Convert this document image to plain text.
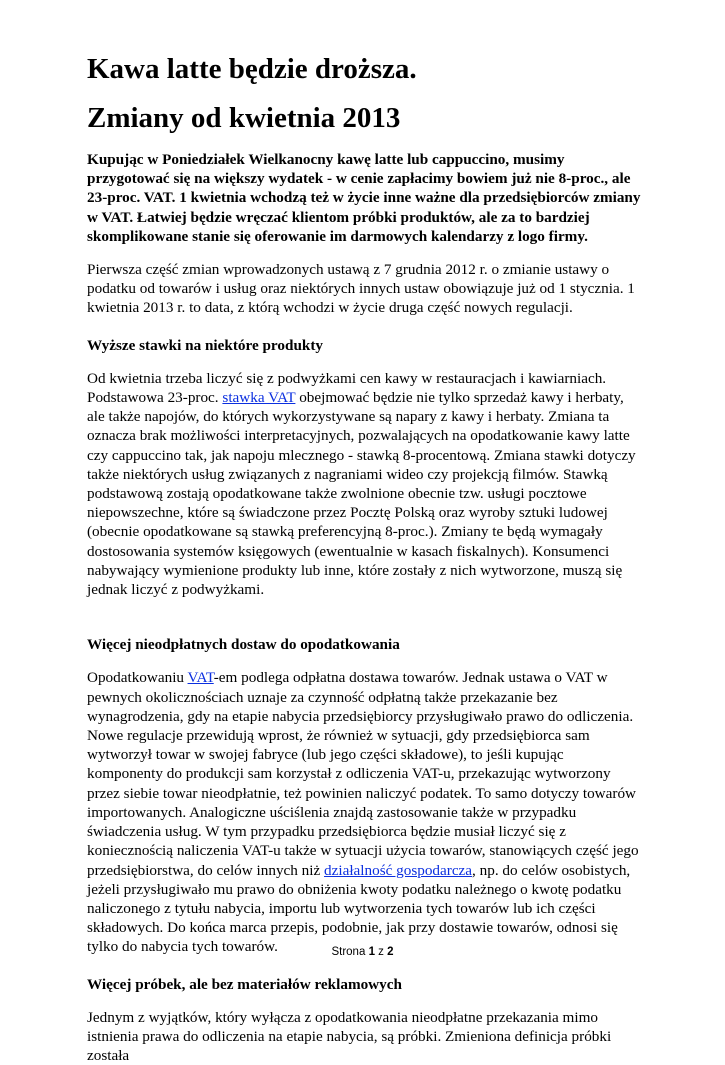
Kawa latte będzie droższa.
Zmiany od kwietnia 2013

Kupując w Poniedziałek Wielkanocny kawę latte lub cappuccino, musimy przygotować się na większy wydatek - w cenie zapłacimy bowiem już nie 8-proc., ale 23-proc. VAT. 1 kwietnia wchodzą też w życie inne ważne dla przedsiębiorców zmiany w VAT. Łatwiej będzie wręczać klientom próbki produktów, ale za to bardziej skomplikowane stanie się oferowanie im darmowych kalendarzy z logo firmy.

Pierwsza część zmian wprowadzonych ustawą z 7 grudnia 2012 r. o zmianie ustawy o podatku od towarów i usług oraz niektórych innych ustaw obowiązuje już od 1 stycznia. 1 kwietnia 2013 r. to data, z którą wchodzi w życie druga część nowych regulacji.

Wyższe stawki na niektóre produkty

Od kwietnia trzeba liczyć się z podwyżkami cen kawy w restauracjach i kawiarniach. Podstawowa 23-proc. stawka VAT obejmować będzie nie tylko sprzedaż kawy i herbaty, ale także napojów, do których wykorzystywane są napary z kawy i herbaty. Zmiana ta oznacza brak możliwości interpretacyjnych, pozwalających na opodatkowanie kawy latte czy cappuccino tak, jak napoju mlecznego - stawką 8-procentową. Zmiana stawki dotyczy także niektórych usług związanych z nagraniami wideo czy projekcją filmów. Stawką podstawową zostają opodatkowane także zwolnione obecnie tzw. usługi pocztowe niepowszechne, które są świadczone przez Pocztę Polską oraz wyroby sztuki ludowej (obecnie opodatkowane są stawką preferencyjną 8-proc.). Zmiany te będą wymagały dostosowania systemów księgowych (ewentualnie w kasach fiskalnych). Konsumenci nabywający wymienione produkty lub inne, które zostały z nich wytworzone, muszą się jednak liczyć z podwyżkami.

Więcej nieodpłatnych dostaw do opodatkowania

Opodatkowaniu VAT-em podlega odpłatna dostawa towarów. Jednak ustawa o VAT w pewnych okolicznościach uznaje za czynność odpłatną także przekazanie bez wynagrodzenia, gdy na etapie nabycia przedsiębiorcy przysługiwało prawo do odliczenia. Nowe regulacje przewidują wprost, że również w sytuacji, gdy przedsiębiorca sam wytworzył towar w swojej fabryce (lub jego części składowe), to jeśli kupując komponenty do produkcji sam korzystał z odliczenia VAT-u, przekazując wytworzony przez siebie towar nieodpłatnie, też powinien naliczyć podatek. To samo dotyczy towarów importowanych. Analogiczne uściślenia znajdą zastosowanie także w przypadku świadczenia usług. W tym przypadku przedsiębiorca będzie musiał liczyć się z koniecznością naliczenia VAT-u także w sytuacji użycia towarów, stanowiących część jego przedsiębiorstwa, do celów innych niż działalność gospodarcza, np. do celów osobistych, jeżeli przysługiwało mu prawo do obniżenia kwoty podatku należnego o kwotę podatku naliczonego z tytułu nabycia, importu lub wytworzenia tych towarów lub ich części składowych. Do końca marca przepis, podobnie, jak przy dostawie towarów, odnosi się tylko do nabycia tych towarów.

Więcej próbek, ale bez materiałów reklamowych

Jednym z wyjątków, który wyłącza z opodatkowania nieodpłatne przekazania mimo istnienia prawa do odliczenia na etapie nabycia, są próbki. Zmieniona definicja próbki została

Strona 1 z 2
